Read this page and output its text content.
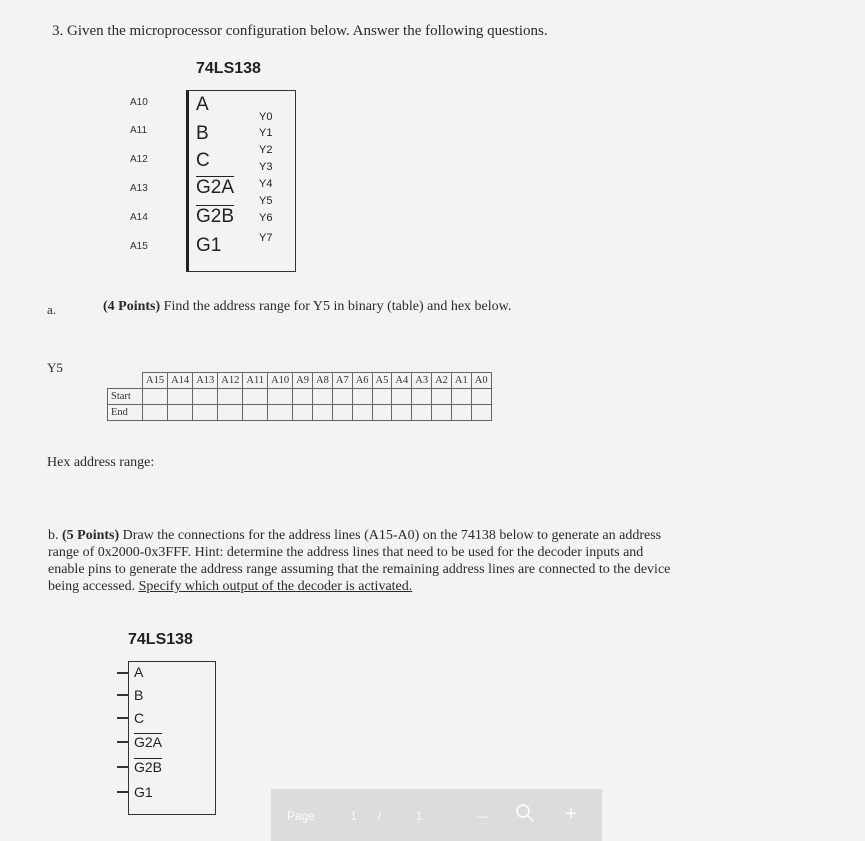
3. Given the microprocessor configuration below. Answer the following questions.
74LS138
A10
A11
A12
A13
A14
A15
A
B
C
G2A
G2B
G1
Y0
Y1
Y2
Y3
Y4
Y5
Y6
Y7
a.	(4 Points) Find the address range for Y5 in binary (table) and hex below.
Y5
	A15	A14	A13	A12	A11	A10	A9	A8	A7	A6	A5	A4	A3	A2	A1	A0
Start																
End																
Hex address range:
b. (5 Points) Draw the connections for the address lines (A15-A0) on the 74138 below to generate an address
range of 0x2000-0x3FFF. Hint: determine the address lines that need to be used for the decoder inputs and
enable pins to generate the address range assuming that the remaining address lines are connected to the device
being accessed. Specify which output of the decoder is activated.
74LS138
A
B
C
G2A
G2B
G1
Page	1 /	1	—	+
